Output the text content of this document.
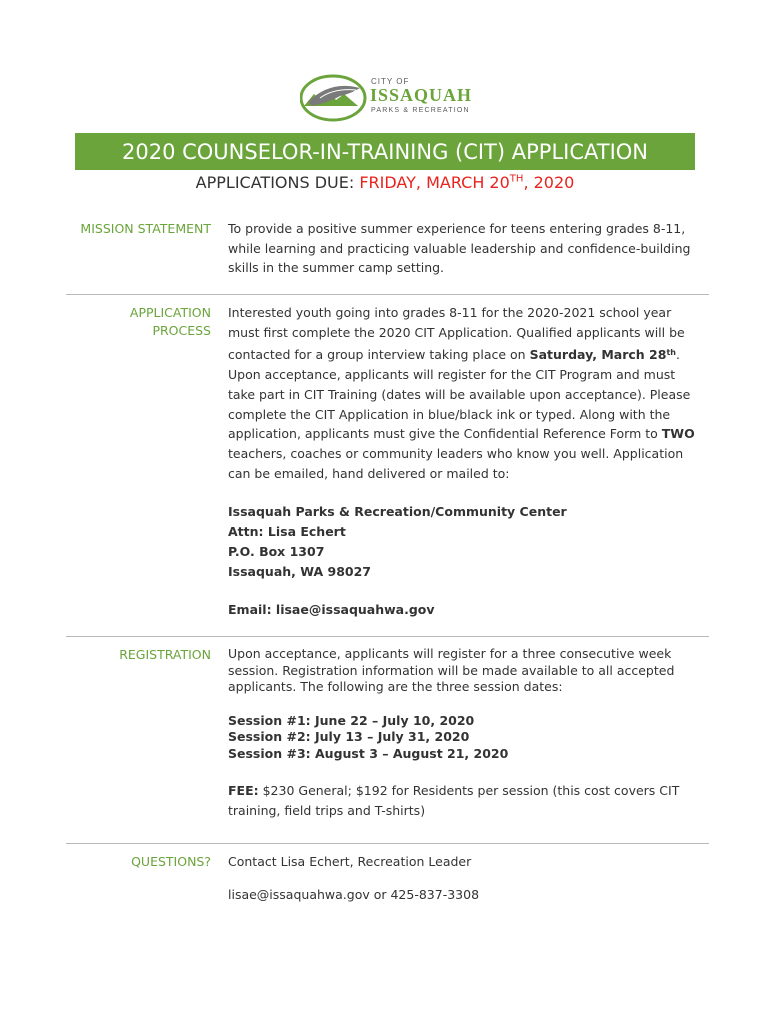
CITY OF
ISSAQUAH
PARKS & RECREATION
2020 COUNSELOR-IN-TRAINING (CIT) APPLICATION
APPLICATIONS DUE: FRIDAY, MARCH 20TH, 2020
MISSION STATEMENT To provide a positive summer experience for teens entering grades 8-11, while learning and practicing valuable leadership and confidence-building skills in the summer camp setting.

APPLICATION
PROCESS

Interested youth going into grades 8-11 for the 2020-2021 school year must first complete the 2020 CIT Application. Qualified applicants will be contacted for a group interview taking place on Saturday, March 28th. Upon acceptance, applicants will register for the CIT Program and must take part in CIT Training (dates will be available upon acceptance). Please complete the CIT Application in blue/black ink or typed. Along with the application, applicants must give the Confidential Reference Form to TWO teachers, coaches or community leaders who know you well. Application can be emailed, hand delivered or mailed to:

Issaquah Parks & Recreation/Community Center
Attn: Lisa Echert
P.O. Box 1307
Issaquah, WA 98027

Email: lisae@issaquahwa.gov

REGISTRATION Upon acceptance, applicants will register for a three consecutive week session. Registration information will be made available to all accepted applicants. The following are the three session dates:

Session #1: June 22 – July 10, 2020
Session #2: July 13 – July 31, 2020
Session #3: August 3 – August 21, 2020

FEE: $230 General; $192 for Residents per session (this cost covers CIT training, field trips and T-shirts)

QUESTIONS? Contact Lisa Echert, Recreation Leader

lisae@issaquahwa.gov or 425-837-3308
